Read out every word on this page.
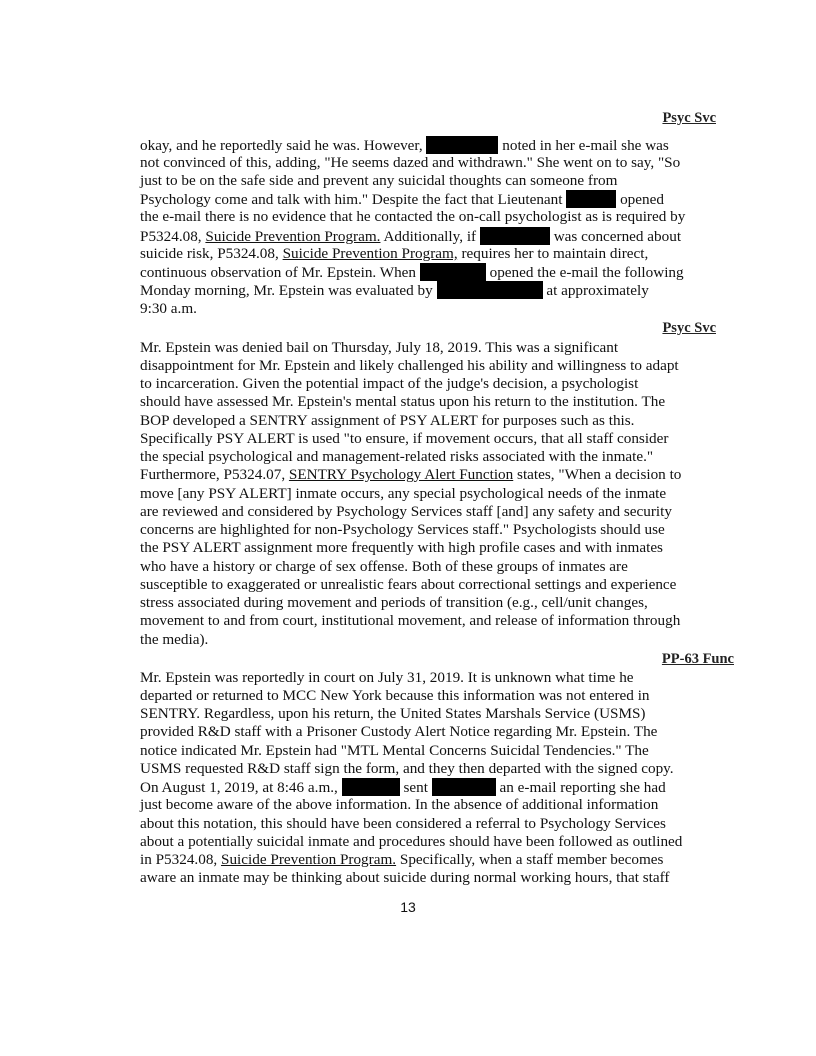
Psyc Svc
okay, and he reportedly said he was. However,	noted in her e-mail she was
not convinced of this, adding, "He seems dazed and withdrawn." She went on to say, "So
just to be on the safe side and prevent any suicidal thoughts can someone from
Psychology come and talk with him." Despite the fact that Lieutenant	opened
the e-mail there is no evidence that he contacted the on-call psychologist as is required by
P5324.08, Suicide Prevention Program. Additionally, if	was concerned about
suicide risk, P5324.08, Suicide Prevention Program, requires her to maintain direct,
continuous observation of Mr. Epstein. When	opened the e-mail the following
Monday morning, Mr. Epstein was evaluated by	at approximately
9:30 a.m.
Psyc Svc
Mr. Epstein was denied bail on Thursday, July 18, 2019. This was a significant
disappointment for Mr. Epstein and likely challenged his ability and willingness to adapt
to incarceration. Given the potential impact of the judge's decision, a psychologist
should have assessed Mr. Epstein's mental status upon his return to the institution. The
BOP developed a SENTRY assignment of PSY ALERT for purposes such as this.
Specifically PSY ALERT is used "to ensure, if movement occurs, that all staff consider
the special psychological and management-related risks associated with the inmate."
Furthermore, P5324.07, SENTRY Psychology Alert Function states, "When a decision to
move [any PSY ALERT] inmate occurs, any special psychological needs of the inmate
are reviewed and considered by Psychology Services staff [and] any safety and security
concerns are highlighted for non-Psychology Services staff." Psychologists should use
the PSY ALERT assignment more frequently with high profile cases and with inmates
who have a history or charge of sex offense. Both of these groups of inmates are
susceptible to exaggerated or unrealistic fears about correctional settings and experience
stress associated during movement and periods of transition (e.g., cell/unit changes,
movement to and from court, institutional movement, and release of information through
the media).
PP-63 Func
Mr. Epstein was reportedly in court on July 31, 2019. It is unknown what time he
departed or returned to MCC New York because this information was not entered in
SENTRY. Regardless, upon his return, the United States Marshals Service (USMS)
provided R&D staff with a Prisoner Custody Alert Notice regarding Mr. Epstein. The
notice indicated Mr. Epstein had "MTL Mental Concerns Suicidal Tendencies." The
USMS requested R&D staff sign the form, and they then departed with the signed copy.
On August 1, 2019, at 8:46 a.m.,	sent	an e-mail reporting she had
just become aware of the above information. In the absence of additional information
about this notation, this should have been considered a referral to Psychology Services
about a potentially suicidal inmate and procedures should have been followed as outlined
in P5324.08, Suicide Prevention Program. Specifically, when a staff member becomes
aware an inmate may be thinking about suicide during normal working hours, that staff
13
